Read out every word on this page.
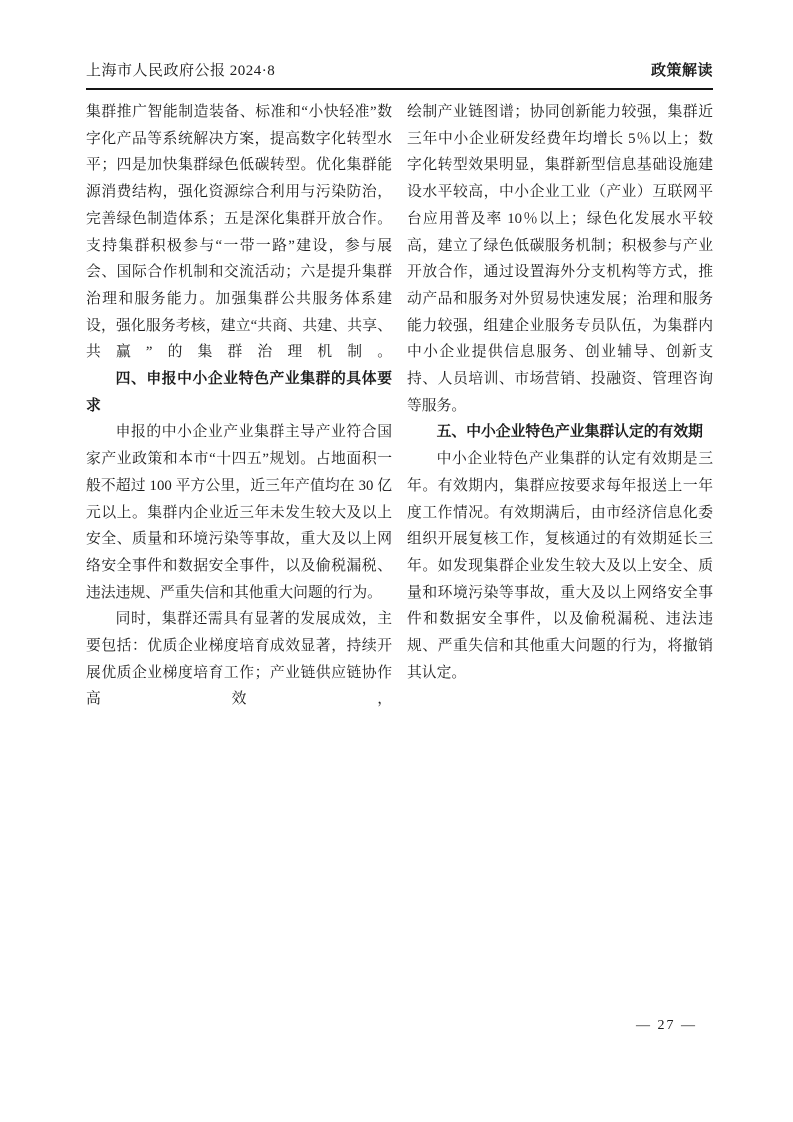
上海市人民政府公报 2024·8	政策解读

集群推广智能制造装备、标准和“小快轻准”数字化产品等系统解决方案，提高数字化转型水平；四是加快集群绿色低碳转型。优化集群能源消费结构，强化资源综合利用与污染防治，完善绿色制造体系；五是深化集群开放合作。支持集群积极参与“一带一路”建设，参与展会、国际合作机制和交流活动；六是提升集群治理和服务能力。加强集群公共服务体系建设，强化服务考核，建立“共商、共建、共享、共赢”的集群治理机制。

四、申报中小企业特色产业集群的具体要求

申报的中小企业产业集群主导产业符合国家产业政策和本市“十四五”规划。占地面积一般不超过 100 平方公里，近三年产值均在 30 亿元以上。集群内企业近三年未发生较大及以上安全、质量和环境污染等事故，重大及以上网络安全事件和数据安全事件，以及偷税漏税、违法违规、严重失信和其他重大问题的行为。

同时，集群还需具有显著的发展成效，主要包括：优质企业梯度培育成效显著，持续开展优质企业梯度培育工作；产业链供应链协作高效，

绘制产业链图谱；协同创新能力较强，集群近三年中小企业研发经费年均增长 5％以上；数字化转型效果明显，集群新型信息基础设施建设水平较高，中小企业工业（产业）互联网平台应用普及率 10％以上；绿色化发展水平较高，建立了绿色低碳服务机制；积极参与产业开放合作，通过设置海外分支机构等方式，推动产品和服务对外贸易快速发展；治理和服务能力较强，组建企业服务专员队伍，为集群内中小企业提供信息服务、创业辅导、创新支持、人员培训、市场营销、投融资、管理咨询等服务。

五、中小企业特色产业集群认定的有效期

中小企业特色产业集群的认定有效期是三年。有效期内，集群应按要求每年报送上一年度工作情况。有效期满后，由市经济信息化委组织开展复核工作，复核通过的有效期延长三年。如发现集群企业发生较大及以上安全、质量和环境污染等事故，重大及以上网络安全事件和数据安全事件，以及偷税漏税、违法违规、严重失信和其他重大问题的行为，将撤销其认定。

— 27 —
